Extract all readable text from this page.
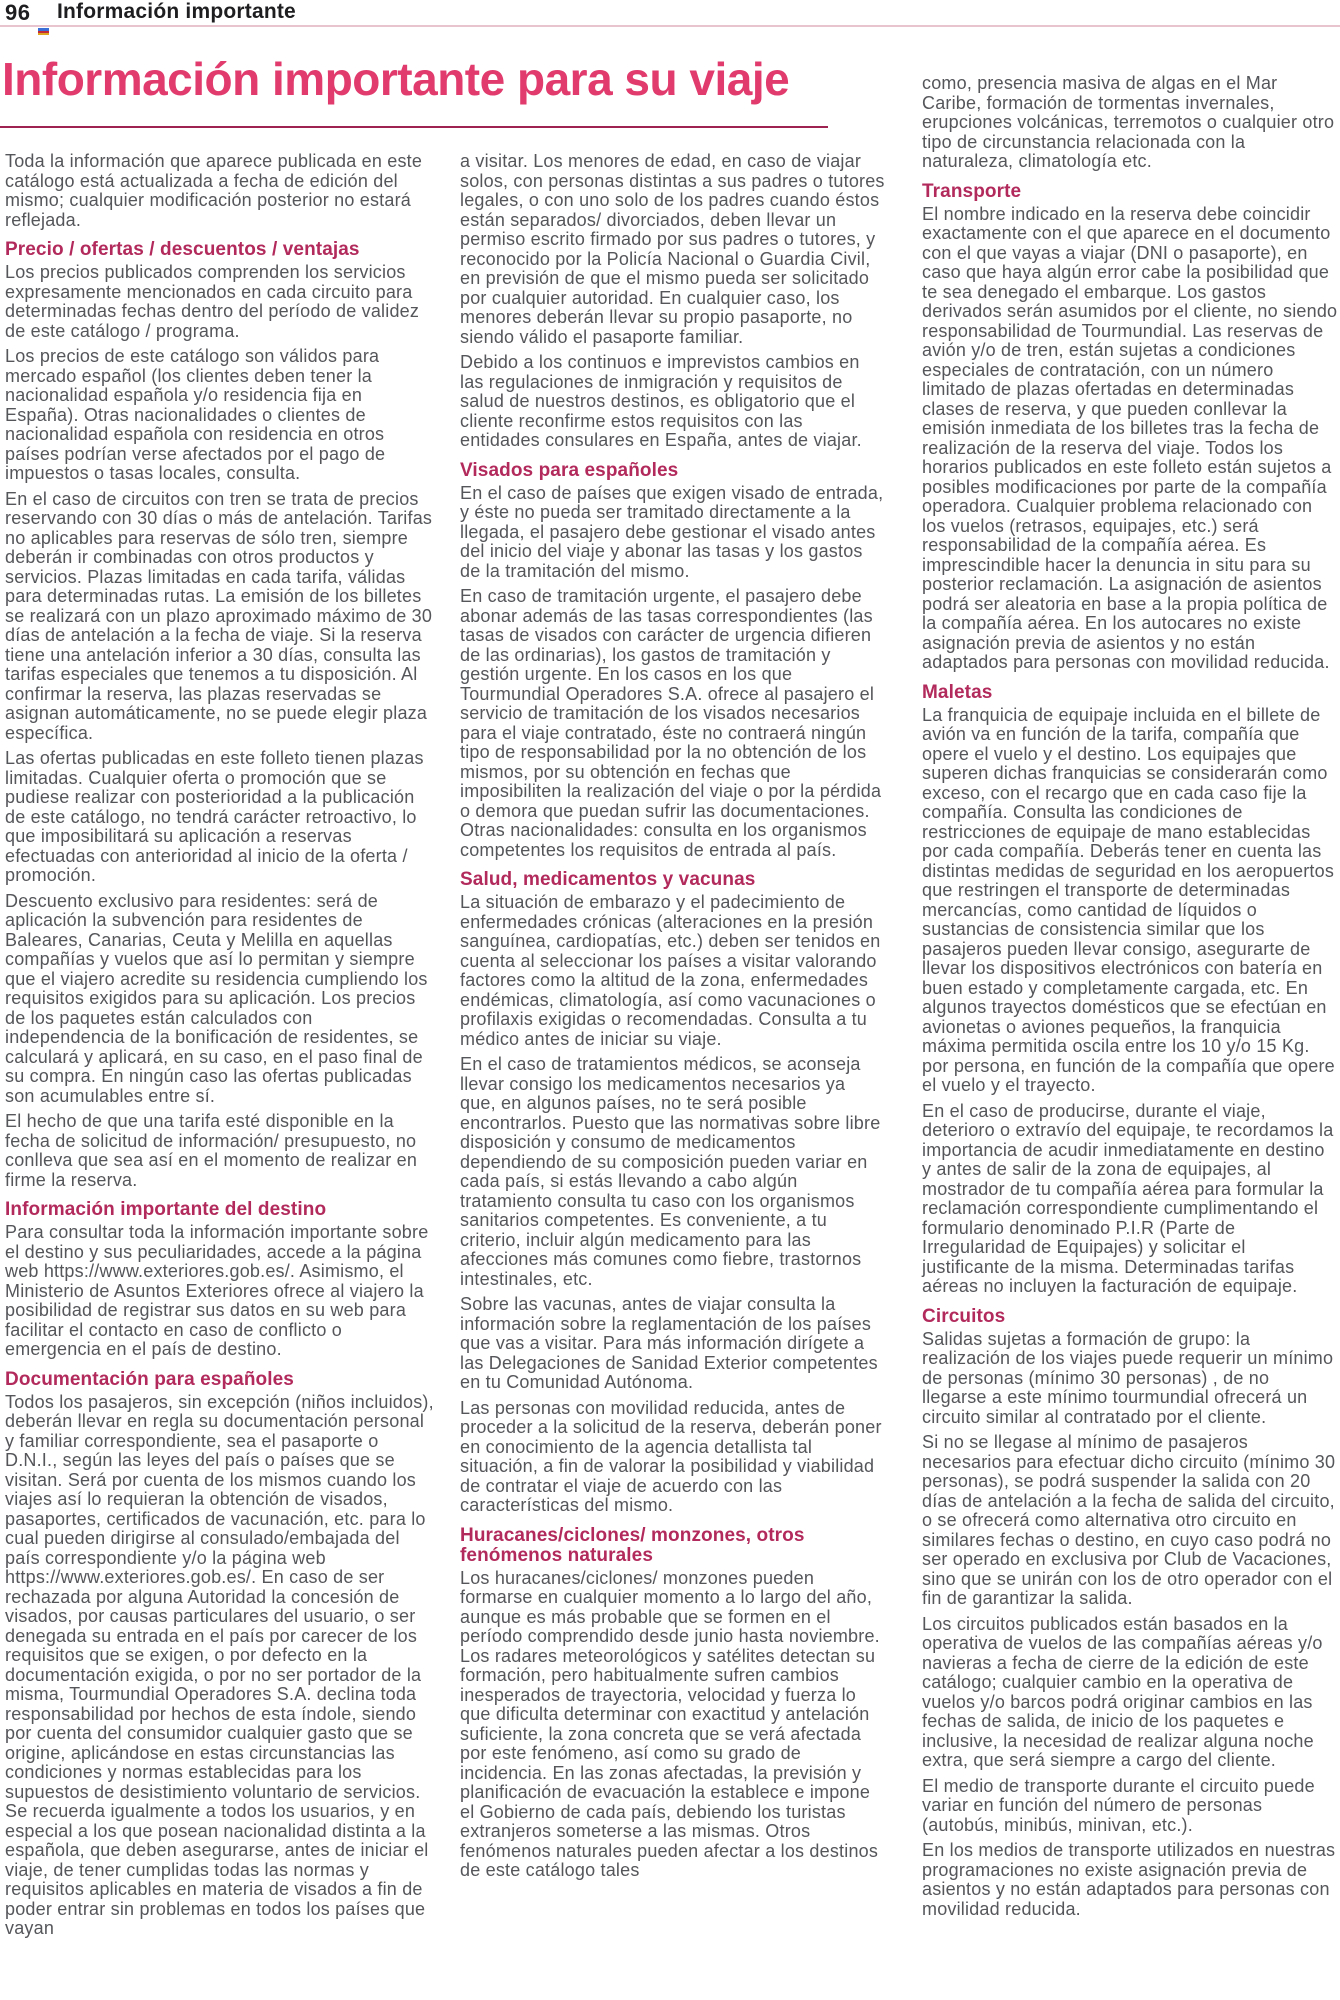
96 Información importante
Información importante para su viaje

Toda la información que aparece publicada en este catálogo está actualizada a fecha de edición del mismo; cualquier modificación posterior no estará reflejada.

Precio / ofertas / descuentos / ventajas

Los precios publicados comprenden los servicios expresamente mencionados en cada circuito para determinadas fechas dentro del período de validez de este catálogo / programa.

Los precios de este catálogo son válidos para mercado español (los clientes deben tener la nacionalidad española y/o residencia fija en España). Otras nacionalidades o clientes de nacionalidad española con residencia en otros países podrían verse afectados por el pago de impuestos o tasas locales, consulta.

En el caso de circuitos con tren se trata de precios reservando con 30 días o más de antelación. Tarifas no aplicables para reservas de sólo tren, siempre deberán ir combinadas con otros productos y servicios. Plazas limitadas en cada tarifa, válidas para determinadas rutas. La emisión de los billetes se realizará con un plazo aproximado máximo de 30 días de antelación a la fecha de viaje. Si la reserva tiene una antelación inferior a 30 días, consulta las tarifas especiales que tenemos a tu disposición. Al confirmar la reserva, las plazas reservadas se asignan automáticamente, no se puede elegir plaza específica.

Las ofertas publicadas en este folleto tienen plazas limitadas. Cualquier oferta o promoción que se pudiese realizar con posterioridad a la publicación de este catálogo, no tendrá carácter retroactivo, lo que imposibilitará su aplicación a reservas efectuadas con anterioridad al inicio de la oferta / promoción.

Descuento exclusivo para residentes: será de aplicación la subvención para residentes de Baleares, Canarias, Ceuta y Melilla en aquellas compañías y vuelos que así lo permitan y siempre que el viajero acredite su residencia cumpliendo los requisitos exigidos para su aplicación. Los precios de los paquetes están calculados con independencia de la bonificación de residentes, se calculará y aplicará, en su caso, en el paso final de su compra. En ningún caso las ofertas publicadas son acumulables entre sí.

El hecho de que una tarifa esté disponible en la fecha de solicitud de información/ presupuesto, no conlleva que sea así en el momento de realizar en firme la reserva.

Información importante del destino

Para consultar toda la información importante sobre el destino y sus peculiaridades, accede a la página web https://www.exteriores.gob.es/. Asimismo, el Ministerio de Asuntos Exteriores ofrece al viajero la posibilidad de registrar sus datos en su web para facilitar el contacto en caso de conflicto o emergencia en el país de destino.

Documentación para españoles

Todos los pasajeros, sin excepción (niños incluidos), deberán llevar en regla su documentación personal y familiar correspondiente, sea el pasaporte o D.N.I., según las leyes del país o países que se visitan. Será por cuenta de los mismos cuando los viajes así lo requieran la obtención de visados, pasaportes, certificados de vacunación, etc. para lo cual pueden dirigirse al consulado/embajada del país correspondiente y/o la página web https://www.exteriores.gob.es/. En caso de ser rechazada por alguna Autoridad la concesión de visados, por causas particulares del usuario, o ser denegada su entrada en el país por carecer de los requisitos que se exigen, o por defecto en la documentación exigida, o por no ser portador de la misma, Tourmundial Operadores S.A. declina toda responsabilidad por hechos de esta índole, siendo por cuenta del consumidor cualquier gasto que se origine, aplicándose en estas circunstancias las condiciones y normas establecidas para los supuestos de desistimiento voluntario de servicios. Se recuerda igualmente a todos los usuarios, y en especial a los que posean nacionalidad distinta a la española, que deben asegurarse, antes de iniciar el viaje, de tener cumplidas todas las normas y requisitos aplicables en materia de visados a fin de poder entrar sin problemas en todos los países que vayan

a visitar. Los menores de edad, en caso de viajar solos, con personas distintas a sus padres o tutores legales, o con uno solo de los padres cuando éstos están separados/ divorciados, deben llevar un permiso escrito firmado por sus padres o tutores, y reconocido por la Policía Nacional o Guardia Civil, en previsión de que el mismo pueda ser solicitado por cualquier autoridad. En cualquier caso, los menores deberán llevar su propio pasaporte, no siendo válido el pasaporte familiar.

Debido a los continuos e imprevistos cambios en las regulaciones de inmigración y requisitos de salud de nuestros destinos, es obligatorio que el cliente reconfirme estos requisitos con las entidades consulares en España, antes de viajar.

Visados para españoles

En el caso de países que exigen visado de entrada, y éste no pueda ser tramitado directamente a la llegada, el pasajero debe gestionar el visado antes del inicio del viaje y abonar las tasas y los gastos de la tramitación del mismo.

En caso de tramitación urgente, el pasajero debe abonar además de las tasas correspondientes (las tasas de visados con carácter de urgencia difieren de las ordinarias), los gastos de tramitación y gestión urgente. En los casos en los que Tourmundial Operadores S.A. ofrece al pasajero el servicio de tramitación de los visados necesarios para el viaje contratado, éste no contraerá ningún tipo de responsabilidad por la no obtención de los mismos, por su obtención en fechas que imposibiliten la realización del viaje o por la pérdida o demora que puedan sufrir las documentaciones. Otras nacionalidades: consulta en los organismos competentes los requisitos de entrada al país.

Salud, medicamentos y vacunas

La situación de embarazo y el padecimiento de enfermedades crónicas (alteraciones en la presión sanguínea, cardiopatías, etc.) deben ser tenidos en cuenta al seleccionar los países a visitar valorando factores como la altitud de la zona, enfermedades endémicas, climatología, así como vacunaciones o profilaxis exigidas o recomendadas. Consulta a tu médico antes de iniciar su viaje.

En el caso de tratamientos médicos, se aconseja llevar consigo los medicamentos necesarios ya que, en algunos países, no te será posible encontrarlos. Puesto que las normativas sobre libre disposición y consumo de medicamentos dependiendo de su composición pueden variar en cada país, si estás llevando a cabo algún tratamiento consulta tu caso con los organismos sanitarios competentes. Es conveniente, a tu criterio, incluir algún medicamento para las afecciones más comunes como fiebre, trastornos intestinales, etc.

Sobre las vacunas, antes de viajar consulta la información sobre la reglamentación de los países que vas a visitar. Para más información dirígete a las Delegaciones de Sanidad Exterior competentes en tu Comunidad Autónoma.

Las personas con movilidad reducida, antes de proceder a la solicitud de la reserva, deberán poner en conocimiento de la agencia detallista tal situación, a fin de valorar la posibilidad y viabilidad de contratar el viaje de acuerdo con las características del mismo.

Huracanes/ciclones/ monzones, otros fenómenos naturales

Los huracanes/ciclones/ monzones pueden formarse en cualquier momento a lo largo del año, aunque es más probable que se formen en el período comprendido desde junio hasta noviembre. Los radares meteorológicos y satélites detectan su formación, pero habitualmente sufren cambios inesperados de trayectoria, velocidad y fuerza lo que dificulta determinar con exactitud y antelación suficiente, la zona concreta que se verá afectada por este fenómeno, así como su grado de incidencia. En las zonas afectadas, la previsión y planificación de evacuación la establece e impone el Gobierno de cada país, debiendo los turistas extranjeros someterse a las mismas. Otros fenómenos naturales pueden afectar a los destinos de este catálogo tales

como, presencia masiva de algas en el Mar Caribe, formación de tormentas invernales, erupciones volcánicas, terremotos o cualquier otro tipo de circunstancia relacionada con la naturaleza, climatología etc.

Transporte

El nombre indicado en la reserva debe coincidir exactamente con el que aparece en el documento con el que vayas a viajar (DNI o pasaporte), en caso que haya algún error cabe la posibilidad que te sea denegado el embarque. Los gastos derivados serán asumidos por el cliente, no siendo responsabilidad de Tourmundial. Las reservas de avión y/o de tren, están sujetas a condiciones especiales de contratación, con un número limitado de plazas ofertadas en determinadas clases de reserva, y que pueden conllevar la emisión inmediata de los billetes tras la fecha de realización de la reserva del viaje. Todos los horarios publicados en este folleto están sujetos a posibles modificaciones por parte de la compañía operadora. Cualquier problema relacionado con los vuelos (retrasos, equipajes, etc.) será responsabilidad de la compañía aérea. Es imprescindible hacer la denuncia in situ para su posterior reclamación. La asignación de asientos podrá ser aleatoria en base a la propia política de la compañía aérea. En los autocares no existe asignación previa de asientos y no están adaptados para personas con movilidad reducida.

Maletas

La franquicia de equipaje incluida en el billete de avión va en función de la tarifa, compañía que opere el vuelo y el destino. Los equipajes que superen dichas franquicias se considerarán como exceso, con el recargo que en cada caso fije la compañía. Consulta las condiciones de restricciones de equipaje de mano establecidas por cada compañía. Deberás tener en cuenta las distintas medidas de seguridad en los aeropuertos que restringen el transporte de determinadas mercancías, como cantidad de líquidos o sustancias de consistencia similar que los pasajeros pueden llevar consigo, asegurarte de llevar los dispositivos electrónicos con batería en buen estado y completamente cargada, etc. En algunos trayectos domésticos que se efectúan en avionetas o aviones pequeños, la franquicia máxima permitida oscila entre los 10 y/o 15 Kg. por persona, en función de la compañía que opere el vuelo y el trayecto.

En el caso de producirse, durante el viaje, deterioro o extravío del equipaje, te recordamos la importancia de acudir inmediatamente en destino y antes de salir de la zona de equipajes, al mostrador de tu compañía aérea para formular la reclamación correspondiente cumplimentando el formulario denominado P.I.R (Parte de Irregularidad de Equipajes) y solicitar el justificante de la misma. Determinadas tarifas aéreas no incluyen la facturación de equipaje.

Circuitos

Salidas sujetas a formación de grupo: la realización de los viajes puede requerir un mínimo de personas (mínimo 30 personas) , de no llegarse a este mínimo tourmundial ofrecerá un circuito similar al contratado por el cliente.

Si no se llegase al mínimo de pasajeros necesarios para efectuar dicho circuito (mínimo 30 personas), se podrá suspender la salida con 20 días de antelación a la fecha de salida del circuito, o se ofrecerá como alternativa otro circuito en similares fechas o destino, en cuyo caso podrá no ser operado en exclusiva por Club de Vacaciones, sino que se unirán con los de otro operador con el fin de garantizar la salida.

Los circuitos publicados están basados en la operativa de vuelos de las compañías aéreas y/o navieras a fecha de cierre de la edición de este catálogo; cualquier cambio en la operativa de vuelos y/o barcos podrá originar cambios en las fechas de salida, de inicio de los paquetes e inclusive, la necesidad de realizar alguna noche extra, que será siempre a cargo del cliente.

El medio de transporte durante el circuito puede variar en función del número de personas (autobús, minibús, minivan, etc.).

En los medios de transporte utilizados en nuestras programaciones no existe asignación previa de asientos y no están adaptados para personas con movilidad reducida.
